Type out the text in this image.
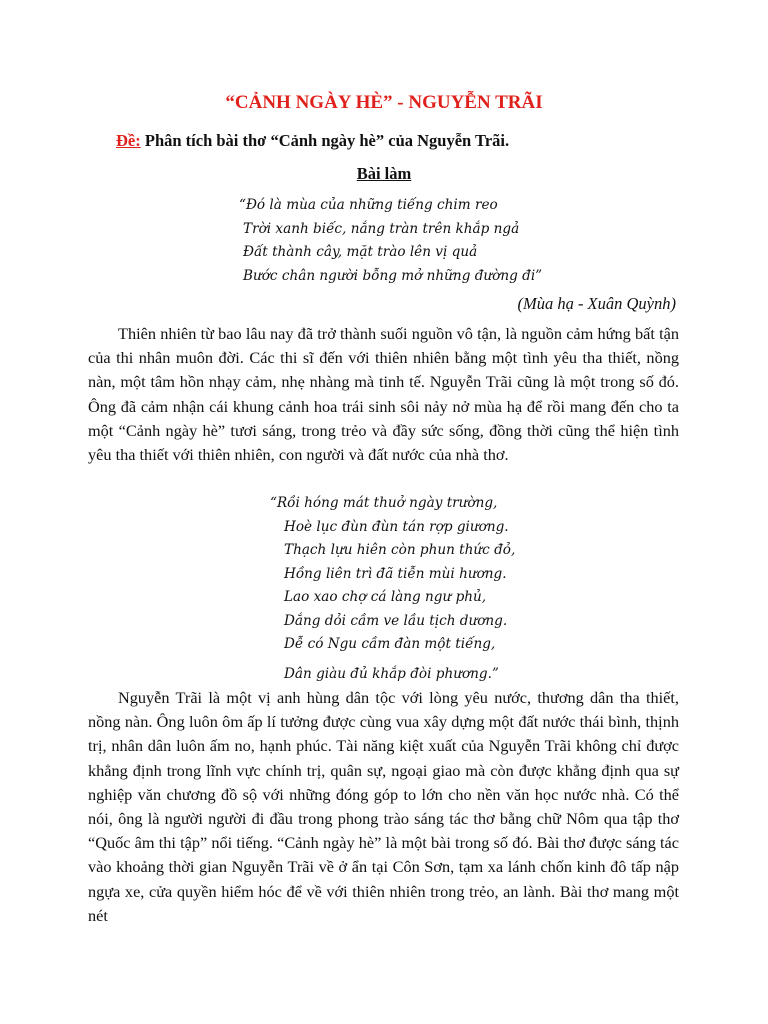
“CẢNH NGÀY HÈ” - NGUYỄN TRÃI
Đề: Phân tích bài thơ “Cảnh ngày hè” của Nguyễn Trãi.
Bài làm
“Đó là mùa của những tiếng chim reo
Trời xanh biếc, nắng tràn trên khắp ngả
Đất thành cây, mặt trào lên vị quả
Bước chân người bỗng mở những đường đi”
(Mùa hạ - Xuân Quỳnh)

Thiên nhiên từ bao lâu nay đã trở thành suối nguồn vô tận, là nguồn cảm hứng bất tận của thi nhân muôn đời. Các thi sĩ đến với thiên nhiên bằng một tình yêu tha thiết, nồng nàn, một tâm hồn nhạy cảm, nhẹ nhàng mà tinh tế. Nguyễn Trãi cũng là một trong số đó. Ông đã cảm nhận cái khung cảnh hoa trái sinh sôi nảy nở mùa hạ để rồi mang đến cho ta một “Cảnh ngày hè” tươi sáng, trong trẻo và đầy sức sống, đồng thời cũng thể hiện tình yêu tha thiết với thiên nhiên, con người và đất nước của nhà thơ.

“Rồi hóng mát thuở ngày trường,
Hoè lục đùn đùn tán rợp giương.
Thạch lựu hiên còn phun thức đỏ,
Hồng liên trì đã tiễn mùi hương.
Lao xao chợ cá làng ngư phủ,
Dắng dỏi cầm ve lầu tịch dương.
Dễ có Ngu cầm đàn một tiếng,
Dân giàu đủ khắp đòi phương.”

Nguyễn Trãi là một vị anh hùng dân tộc với lòng yêu nước, thương dân tha thiết, nồng nàn. Ông luôn ôm ấp lí tưởng được cùng vua xây dựng một đất nước thái bình, thịnh trị, nhân dân luôn ấm no, hạnh phúc. Tài năng kiệt xuất của Nguyễn Trãi không chỉ được khẳng định trong lĩnh vực chính trị, quân sự, ngoại giao mà còn được khẳng định qua sự nghiệp văn chương đồ sộ với những đóng góp to lớn cho nền văn học nước nhà. Có thể nói, ông là người người đi đầu trong phong trào sáng tác thơ bằng chữ Nôm qua tập thơ “Quốc âm thi tập” nổi tiếng. “Cảnh ngày hè” là một bài trong số đó. Bài thơ được sáng tác vào khoảng thời gian Nguyễn Trãi về ở ẩn tại Côn Sơn, tạm xa lánh chốn kinh đô tấp nập ngựa xe, cửa quyền hiểm hóc để về với thiên nhiên trong trẻo, an lành. Bài thơ mang một nét
